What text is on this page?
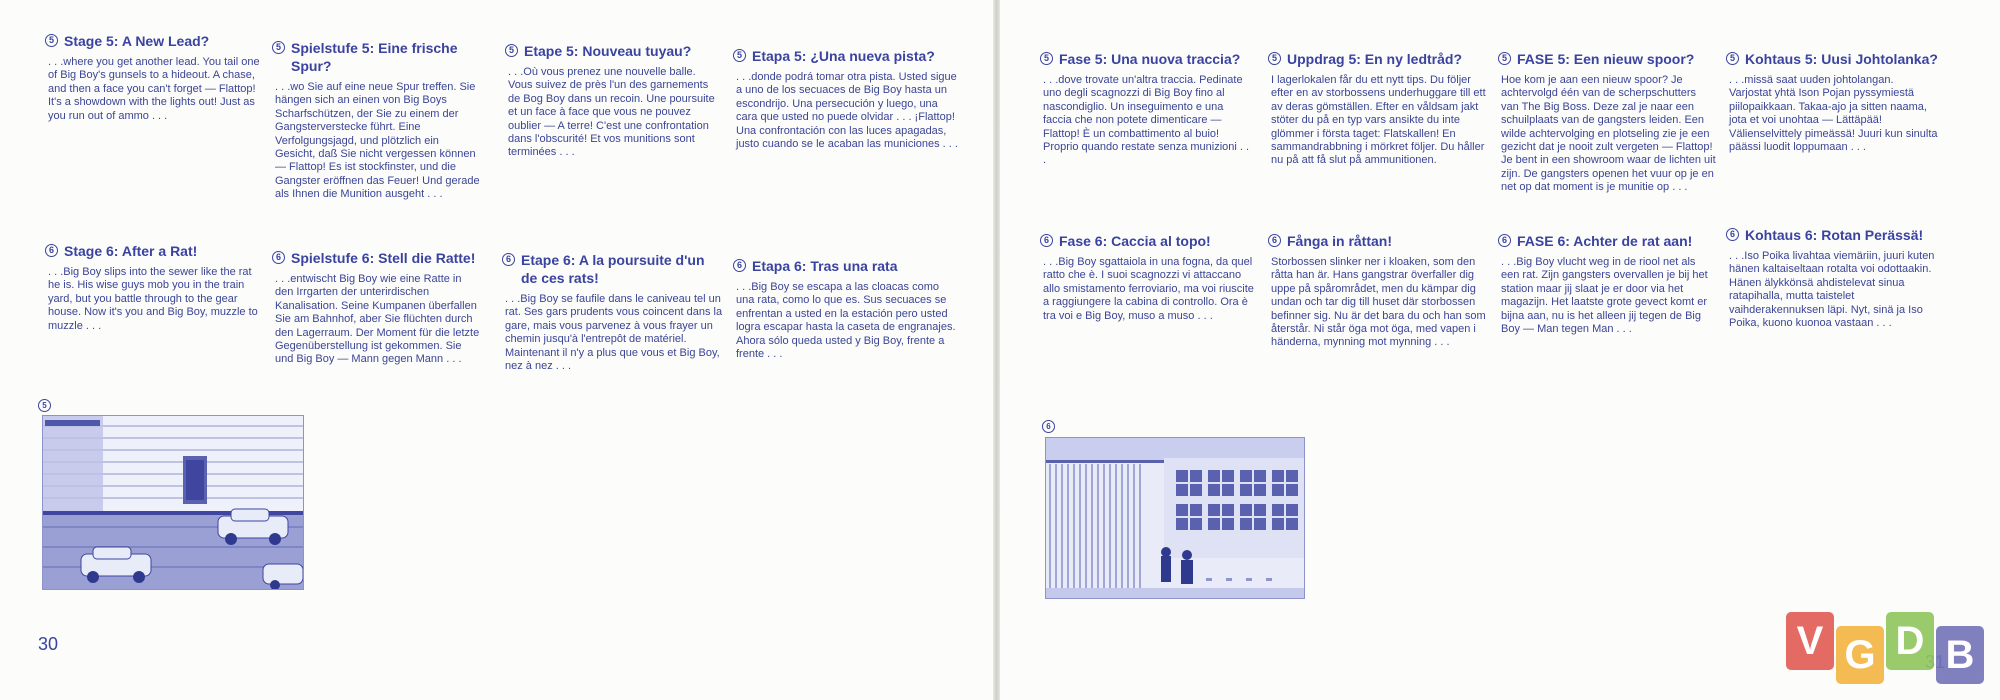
5 Stage 5: A New Lead?

. . .where you get another lead. You tail one of Big Boy's gunsels to a hideout. A chase, and then a face you can't forget — Flattop! It's a showdown with the lights out! Just as you run out of ammo . . .

5 Spielstufe 5: Eine frische Spur?

. . .wo Sie auf eine neue Spur treffen. Sie hängen sich an einen von Big Boys Scharfschützen, der Sie zu einem der Gangsterverstecke führt. Eine Verfolgungsjagd, und plötzlich ein Gesicht, daß Sie nicht vergessen können — Flattop! Es ist stockfinster, und die Gangster eröffnen das Feuer! Und gerade als Ihnen die Munition ausgeht . . .

5 Etape 5: Nouveau tuyau?

. . .Où vous prenez une nouvelle balle. Vous suivez de près l'un des garnements de Bog Boy dans un recoin. Une poursuite et un face à face que vous ne pouvez oublier — A terre! C'est une confrontation dans l'obscurité! Et vos munitions sont terminées . . .

5 Etapa 5: ¿Una nueva pista?

. . .donde podrá tomar otra pista. Usted sigue a uno de los secuaces de Big Boy hasta un escondrijo. Una persecución y luego, una cara que usted no puede olvidar . . . ¡Flattop! Una confrontación con las luces apagadas, justo cuando se le acaban las municiones . . .

6 Stage 6: After a Rat!

. . .Big Boy slips into the sewer like the rat he is. His wise guys mob you in the train yard, but you battle through to the gear house. Now it's you and Big Boy, muzzle to muzzle . . .

6 Spielstufe 6: Stell die Ratte!

. . .entwischt Big Boy wie eine Ratte in den Irrgarten der unterirdischen Kanalisation. Seine Kumpanen überfallen Sie am Bahnhof, aber Sie flüchten durch den Lagerraum. Der Moment für die letzte Gegenüberstellung ist gekommen. Sie und Big Boy — Mann gegen Mann . . .

6 Etape 6: A la poursuite d'un de ces rats!

. . .Big Boy se faufile dans le caniveau tel un rat. Ses gars prudents vous coincent dans la gare, mais vous parvenez à vous frayer un chemin jusqu'à l'entrepôt de matériel. Maintenant il n'y a plus que vous et Big Boy, nez à nez . . .

6 Etapa 6: Tras una rata

. . .Big Boy se escapa a las cloacas como una rata, como lo que es. Sus secuaces se enfrentan a usted en la estación pero usted logra escapar hasta la caseta de engranajes. Ahora sólo queda usted y Big Boy, frente a frente . . .

5
30
5 Fase 5: Una nuova traccia?

. . .dove trovate un'altra traccia. Pedinate uno degli scagnozzi di Big Boy fino al nascondiglio. Un inseguimento e una faccia che non potete dimenticare — Flattop! È un combattimento al buio! Proprio quando restate senza munizioni . . .

5 Uppdrag 5: En ny ledtråd?

I lagerlokalen får du ett nytt tips. Du följer efter en av storbossens underhuggare till ett av deras gömställen. Efter en våldsam jakt stöter du på en typ vars ansikte du inte glömmer i första taget: Flatskallen! En sammandrabbning i mörkret följer. Du håller nu på att få slut på ammunitionen.

5 FASE 5: Een nieuw spoor?

Hoe kom je aan een nieuw spoor? Je achtervolgd één van de scherpschutters van The Big Boss. Deze zal je naar een schuilplaats van de gangsters leiden. Een wilde achtervolging en plotseling zie je een gezicht dat je nooit zult vergeten — Flattop! Je bent in een showroom waar de lichten uit zijn. De gangsters openen het vuur op je en net op dat moment is je munitie op . . .

5 Kohtaus 5: Uusi Johtolanka?

. . .missä saat uuden johtolangan. Varjostat yhtä Ison Pojan pyssymiestä piilopaikkaan. Takaa-ajo ja sitten naama, jota et voi unohtaa — Lättäpää! Välienselvittely pimeässä! Juuri kun sinulta päässi luodit loppumaan . . .

6 Fase 6: Caccia al topo!

. . .Big Boy sgattaiola in una fogna, da quel ratto che è. I suoi scagnozzi vi attaccano allo smistamento ferroviario, ma voi riuscite a raggiungere la cabina di controllo. Ora è tra voi e Big Boy, muso a muso . . .

6 Fånga in råttan!

Storbossen slinker ner i kloaken, som den råtta han är. Hans gangstrar överfaller dig uppe på spårområdet, men du kämpar dig undan och tar dig till huset där storbossen befinner sig. Nu är det bara du och han som återstår. Ni står öga mot öga, med vapen i händerna, mynning mot mynning . . .

6 FASE 6: Achter de rat aan!

. . .Big Boy vlucht weg in de riool net als een rat. Zijn gangsters overvallen je bij het station maar jij slaat je er door via het magazijn. Het laatste grote gevect komt er bijna aan, nu is het alleen jij tegen de Big Boy — Man tegen Man . . .

6 Kohtaus 6: Rotan Perässä!

. . .Iso Poika livahtaa viemäriin, juuri kuten hänen kaltaiseltaan rotalta voi odottaakin. Hänen älykkönsä ahdistelevat sinua ratapihalla, mutta taistelet vaihderakennuksen läpi. Nyt, sinä ja Iso Poika, kuono kuonoa vastaan . . .

6
V G D B
